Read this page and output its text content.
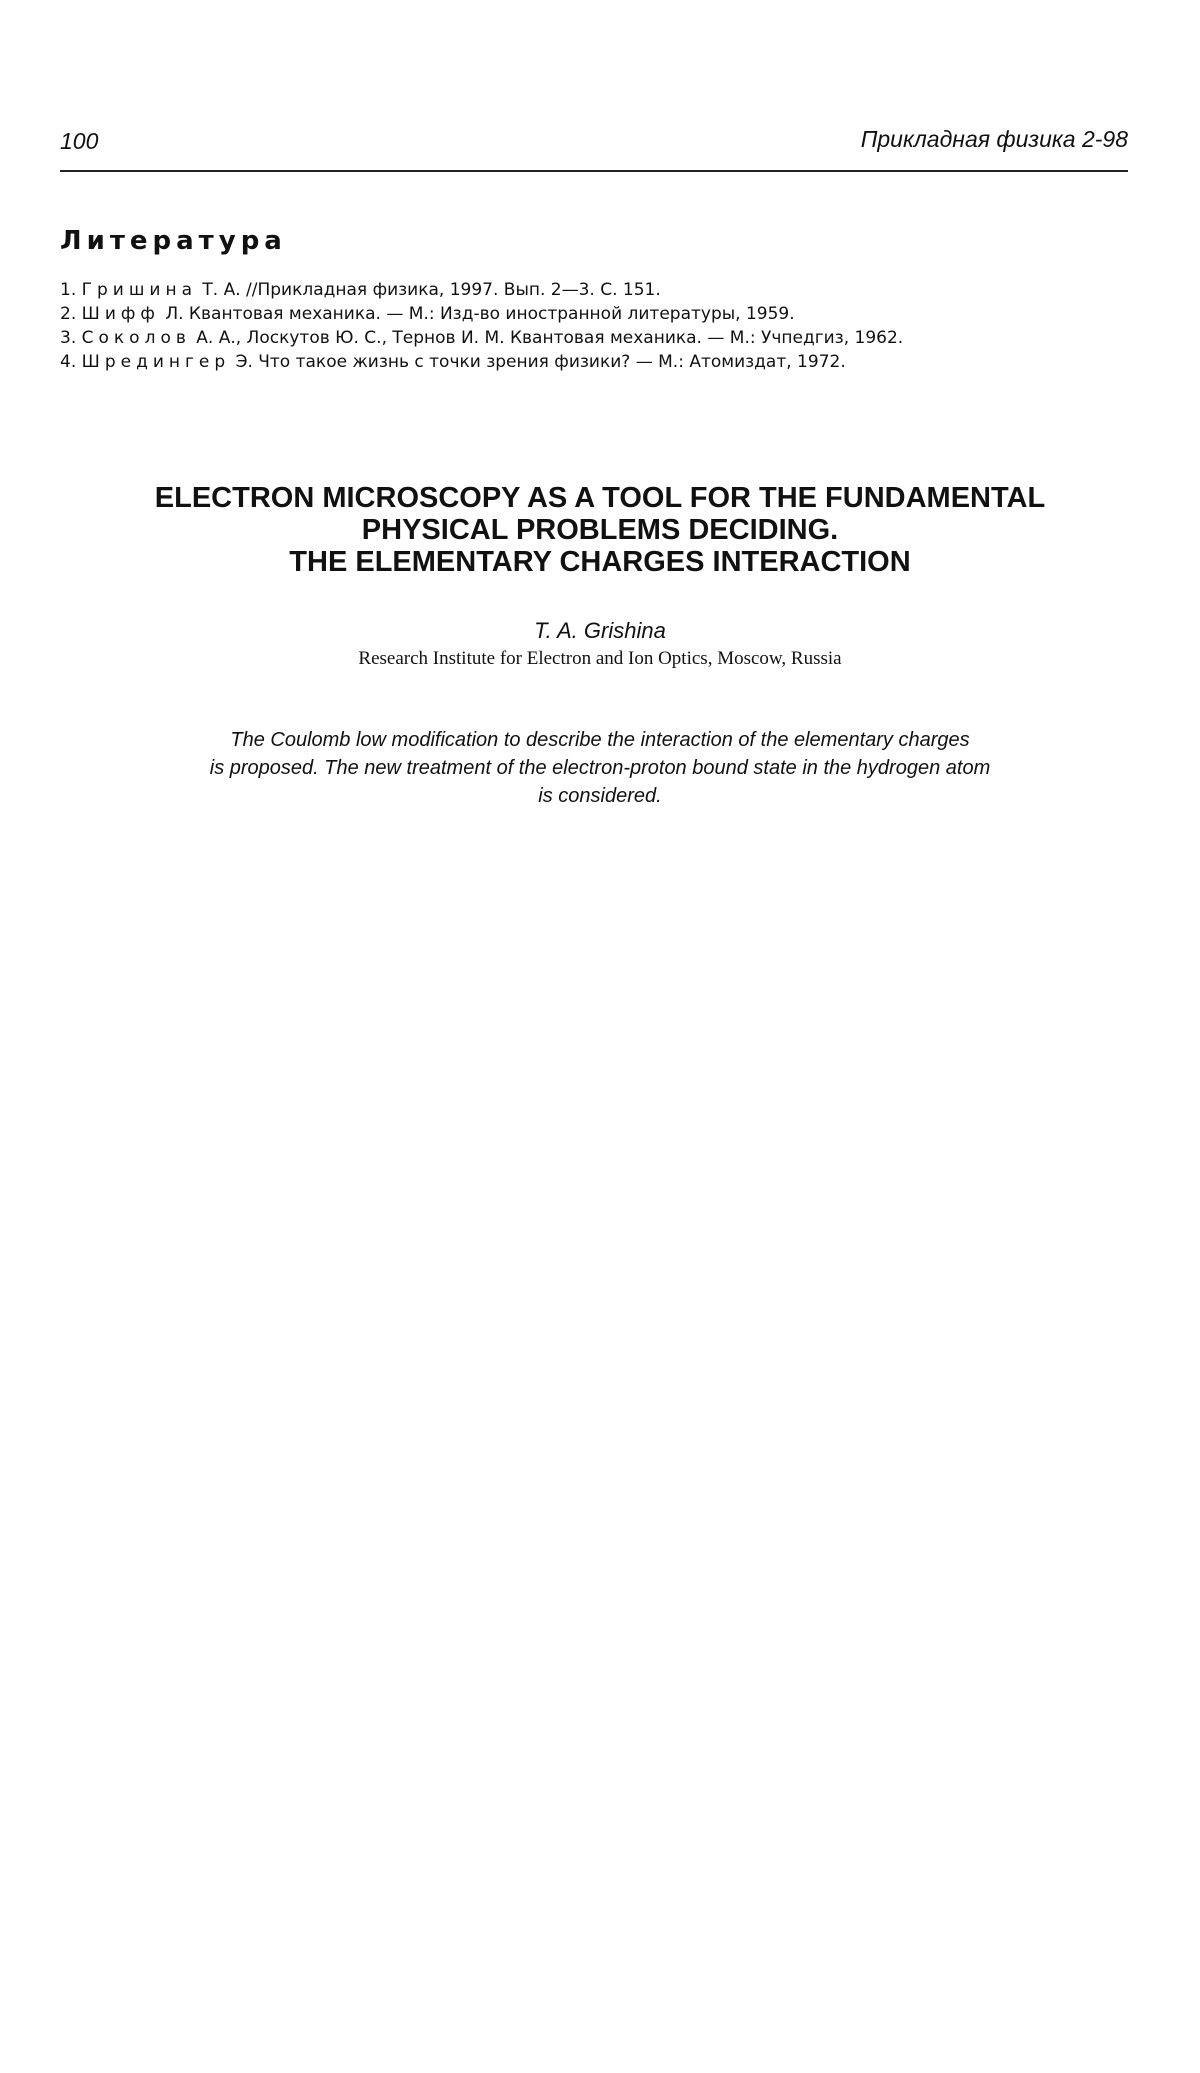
100	Прикладная физика 2-98
Литература
1. Гришина Т. А. //Прикладная физика, 1997. Вып. 2—3. С. 151.
2. Шифф Л. Квантовая механика. — М.: Изд-во иностранной литературы, 1959.
3. Соколов А. А., Лоскутов Ю. С., Тернов И. М. Квантовая механика. — М.: Учпедгиз, 1962.
4. Шредингер Э. Что такое жизнь с точки зрения физики? — М.: Атомиздат, 1972.
ELECTRON MICROSCOPY AS A TOOL FOR THE FUNDAMENTAL
PHYSICAL PROBLEMS DECIDING.
THE ELEMENTARY CHARGES INTERACTION
T. A. Grishina
Research Institute for Electron and Ion Optics, Moscow, Russia
The Coulomb low modification to describe the interaction of the elementary charges
is proposed. The new treatment of the electron-proton bound state in the hydrogen atom
is considered.
